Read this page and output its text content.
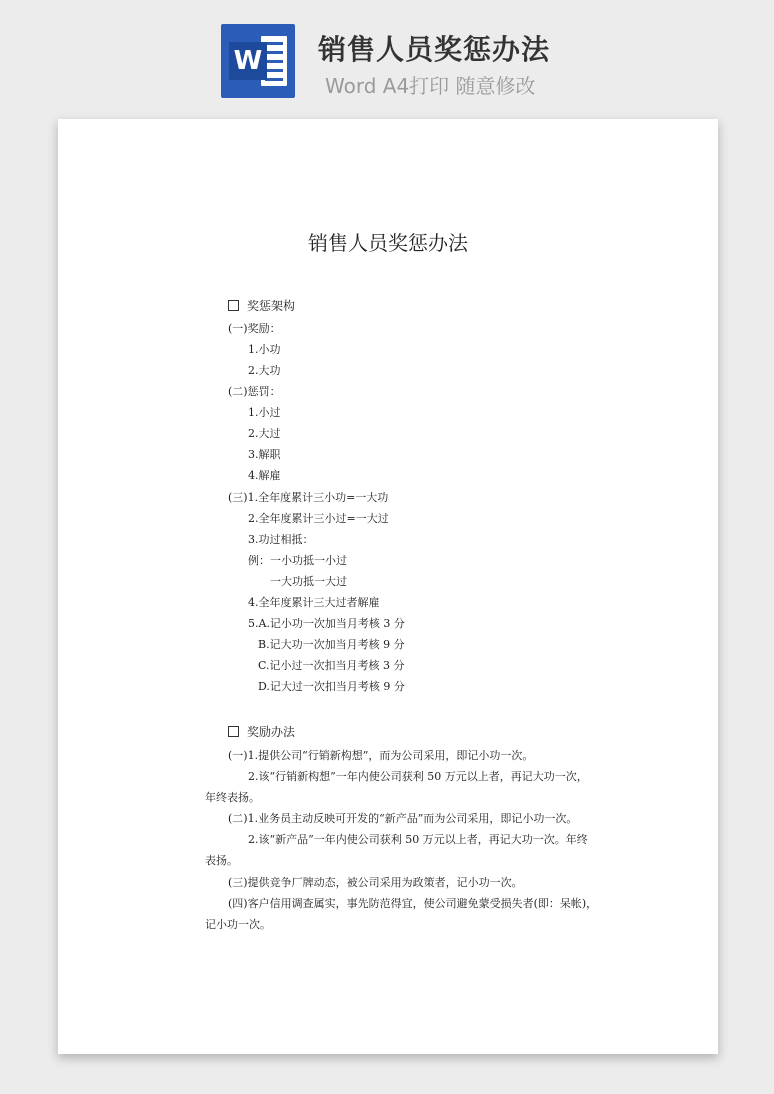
W 销售人员奖惩办法
Word A4打印 随意修改
销售人员奖惩办法
奖惩架构
(一)奖励：
1.小功
2.大功
(二)惩罚：
1.小过
2.大过
3.解职
4.解雇
(三)1.全年度累计三小功=一大功
2.全年度累计三小过=一大过
3.功过相抵：
例：一小功抵一小过
一大功抵一大过
4.全年度累计三大过者解雇
5.A.记小功一次加当月考核 3 分
B.记大功一次加当月考核 9 分
C.记小过一次扣当月考核 3 分
D.记大过一次扣当月考核 9 分
奖励办法
(一)1.提供公司“行销新构想”，而为公司采用，即记小功一次。
2.该“行销新构想”一年内使公司获利 50 万元以上者，再记大功一次，
年终表扬。
(二)1.业务员主动反映可开发的“新产品”而为公司采用，即记小功一次。
2.该“新产品”一年内使公司获利 50 万元以上者，再记大功一次。年终
表扬。
(三)提供竞争厂牌动态，被公司采用为政策者，记小功一次。
(四)客户信用调查属实，事先防范得宜，使公司避免蒙受损失者(即：呆帐)，
记小功一次。
